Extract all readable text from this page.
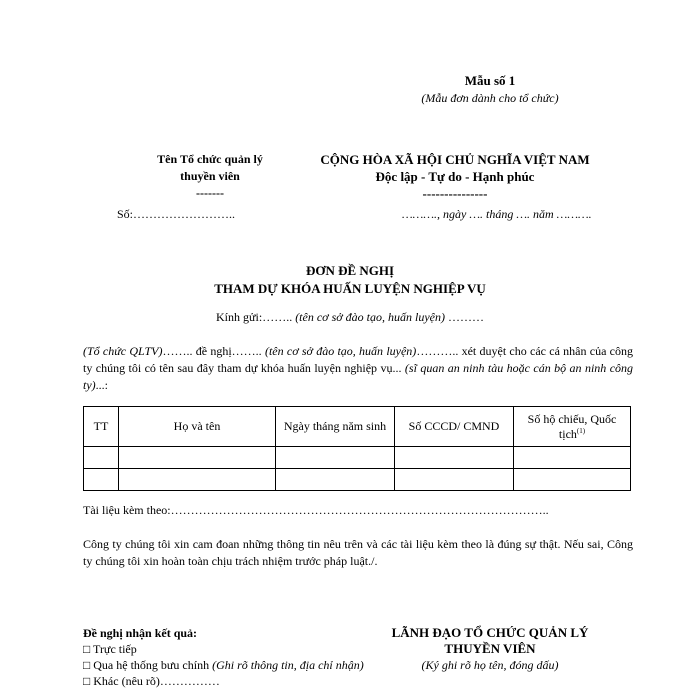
Mẫu số 1
(Mẫu đơn dành cho tổ chức)
Tên Tổ chức quản lý
thuyền viên
-------
CỘNG HÒA XÃ HỘI CHỦ NGHĨA VIỆT NAM
Độc lập - Tự do - Hạnh phúc
---------------
Số:……………………..	………., ngày …. tháng …. năm ……….
ĐƠN ĐỀ NGHỊ
THAM DỰ KHÓA HUẤN LUYỆN NGHIỆP VỤ
Kính gửi:…….. (tên cơ sở đào tạo, huấn luyện) ………
(Tổ chức QLTV)…….. đề nghị…….. (tên cơ sở đào tạo, huấn luyện)……….. xét duyệt cho các cá nhân của công ty chúng tôi có tên sau đây tham dự khóa huấn luyện nghiệp vụ... (sĩ quan an ninh tàu hoặc cán bộ an ninh công ty)...:
TT	Họ và tên	Ngày tháng năm sinh	Số CCCD/ CMND	Số hộ chiếu, Quốc tịch$^{(1)}$

Tài liệu kèm theo:…………………………………………………………………………………..
Công ty chúng tôi xin cam đoan những thông tin nêu trên và các tài liệu kèm theo là đúng sự thật. Nếu sai, Công ty chúng tôi xin hoàn toàn chịu trách nhiệm trước pháp luật./.
Đề nghị nhận kết quả:
□ Trực tiếp
□ Qua hệ thống bưu chính (Ghi rõ thông tin, địa chỉ nhận)
□ Khác (nêu rõ)……………
LÃNH ĐẠO TỔ CHỨC QUẢN LÝ
THUYỀN VIÊN
(Ký ghi rõ họ tên, đóng dấu)
